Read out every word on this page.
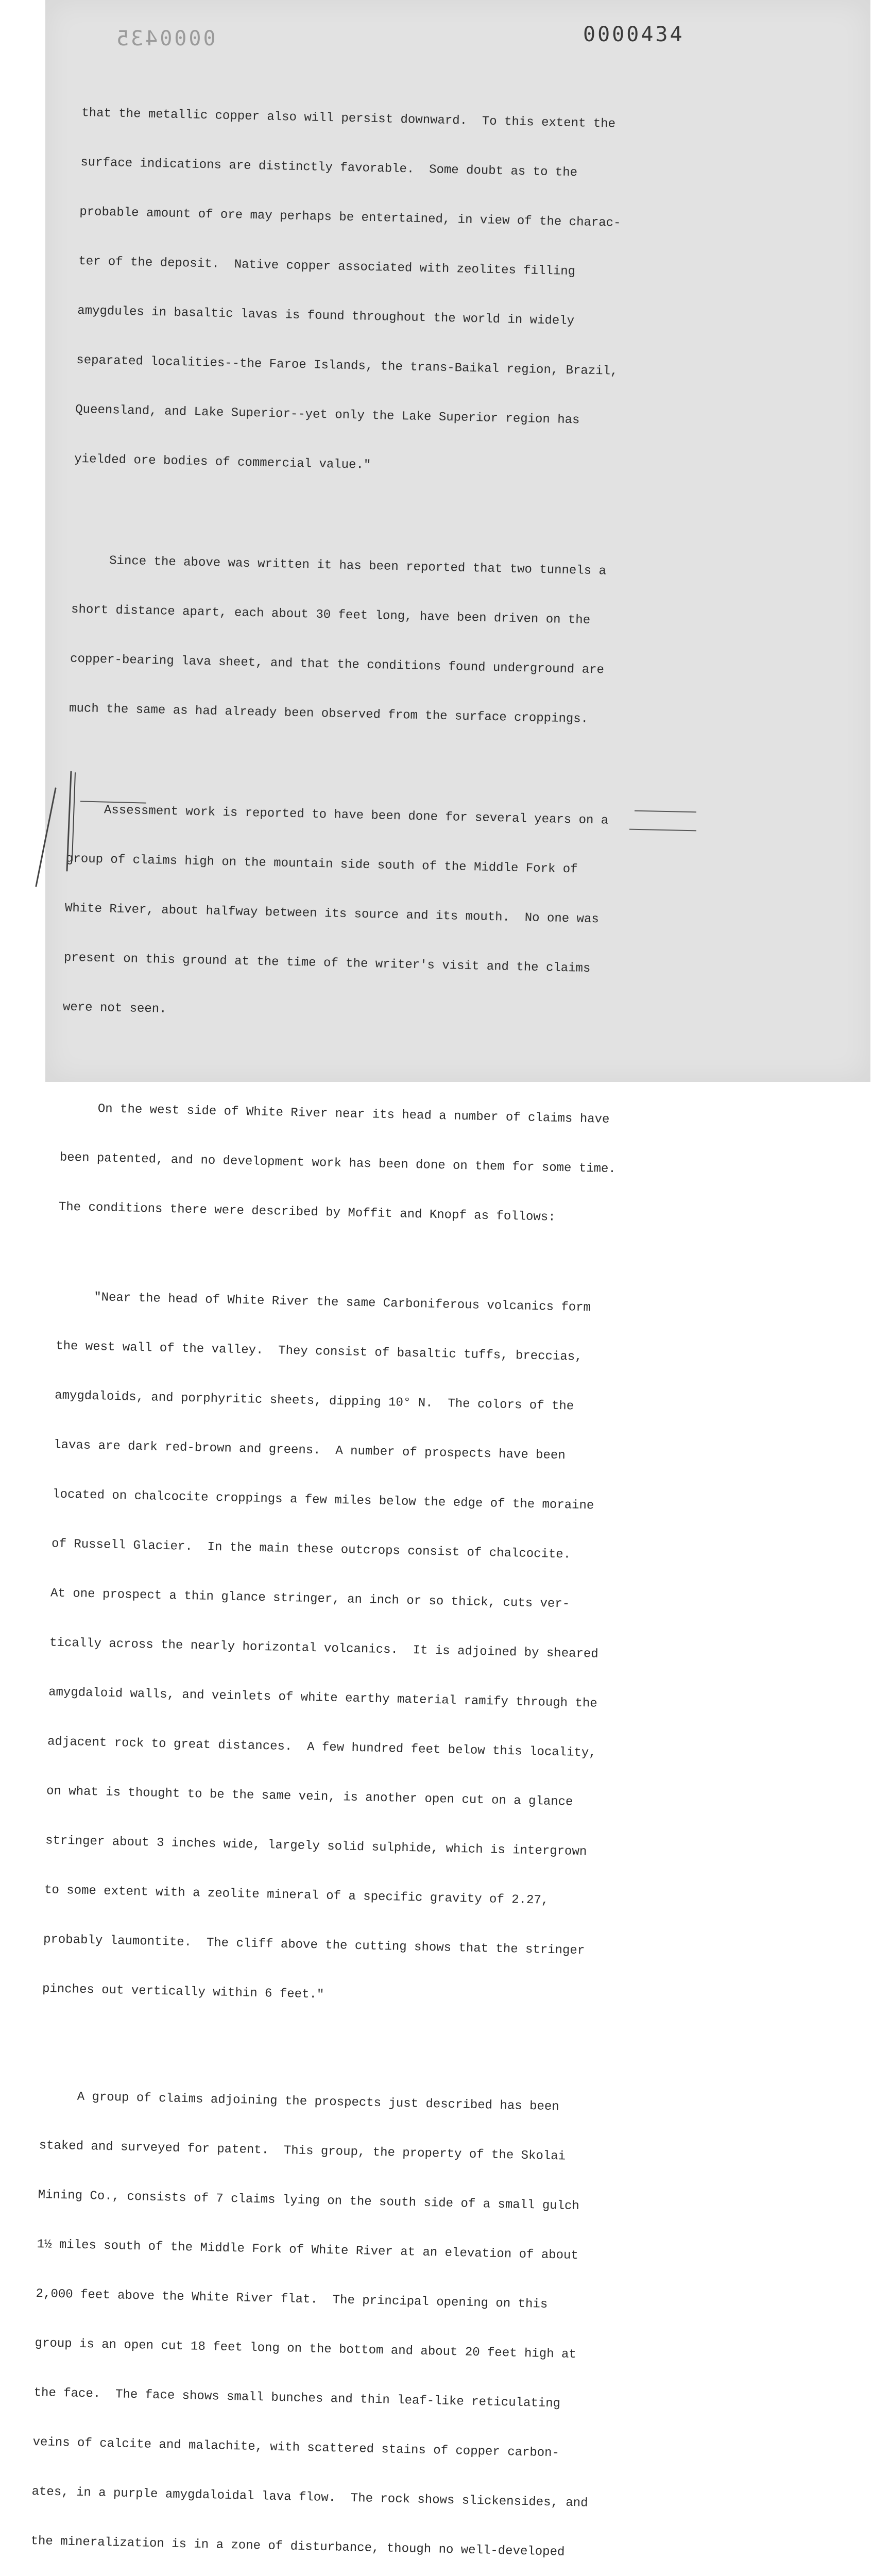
0000435	0000434

that the metallic copper also will persist downward.  To this extent the

surface indications are distinctly favorable.  Some doubt as to the

probable amount of ore may perhaps be entertained, in view of the charac-

ter of the deposit.  Native copper associated with zeolites filling

amygdules in basaltic lavas is found throughout the world in widely

separated localities--the Faroe Islands, the trans-Baikal region, Brazil,

Queensland, and Lake Superior--yet only the Lake Superior region has

yielded ore bodies of commercial value."

Since the above was written it has been reported that two tunnels a

short distance apart, each about 30 feet long, have been driven on the

copper-bearing lava sheet, and that the conditions found underground are

much the same as had already been observed from the surface croppings.

Assessment work is reported to have been done for several years on a

group of claims high on the mountain side south of the Middle Fork of

White River, about halfway between its source and its mouth.  No one was

present on this ground at the time of the writer's visit and the claims

were not seen.

On the west side of White River near its head a number of claims have

been patented, and no development work has been done on them for some time.

The conditions there were described by Moffit and Knopf as follows:

"Near the head of White River the same Carboniferous volcanics form

the west wall of the valley.  They consist of basaltic tuffs, breccias,

amygdaloids, and porphyritic sheets, dipping 10° N.  The colors of the

lavas are dark red-brown and greens.  A number of prospects have been

located on chalcocite croppings a few miles below the edge of the moraine

of Russell Glacier.  In the main these outcrops consist of chalcocite.

At one prospect a thin glance stringer, an inch or so thick, cuts ver-

tically across the nearly horizontal volcanics.  It is adjoined by sheared

amygdaloid walls, and veinlets of white earthy material ramify through the

adjacent rock to great distances.  A few hundred feet below this locality,

on what is thought to be the same vein, is another open cut on a glance

stringer about 3 inches wide, largely solid sulphide, which is intergrown

to some extent with a zeolite mineral of a specific gravity of 2.27,

probably laumontite.  The cliff above the cutting shows that the stringer

pinches out vertically within 6 feet."

A group of claims adjoining the prospects just described has been

staked and surveyed for patent.  This group, the property of the Skolai

Mining Co., consists of 7 claims lying on the south side of a small gulch

1½ miles south of the Middle Fork of White River at an elevation of about

2,000 feet above the White River flat.  The principal opening on this

group is an open cut 18 feet long on the bottom and about 20 feet high at

the face.  The face shows small bunches and thin leaf-like reticulating

veins of calcite and malachite, with scattered stains of copper carbon-

ates, in a purple amygdaloidal lava flow.  The rock shows slickensides, and

the mineralization is in a zone of disturbance, though no well-developed
